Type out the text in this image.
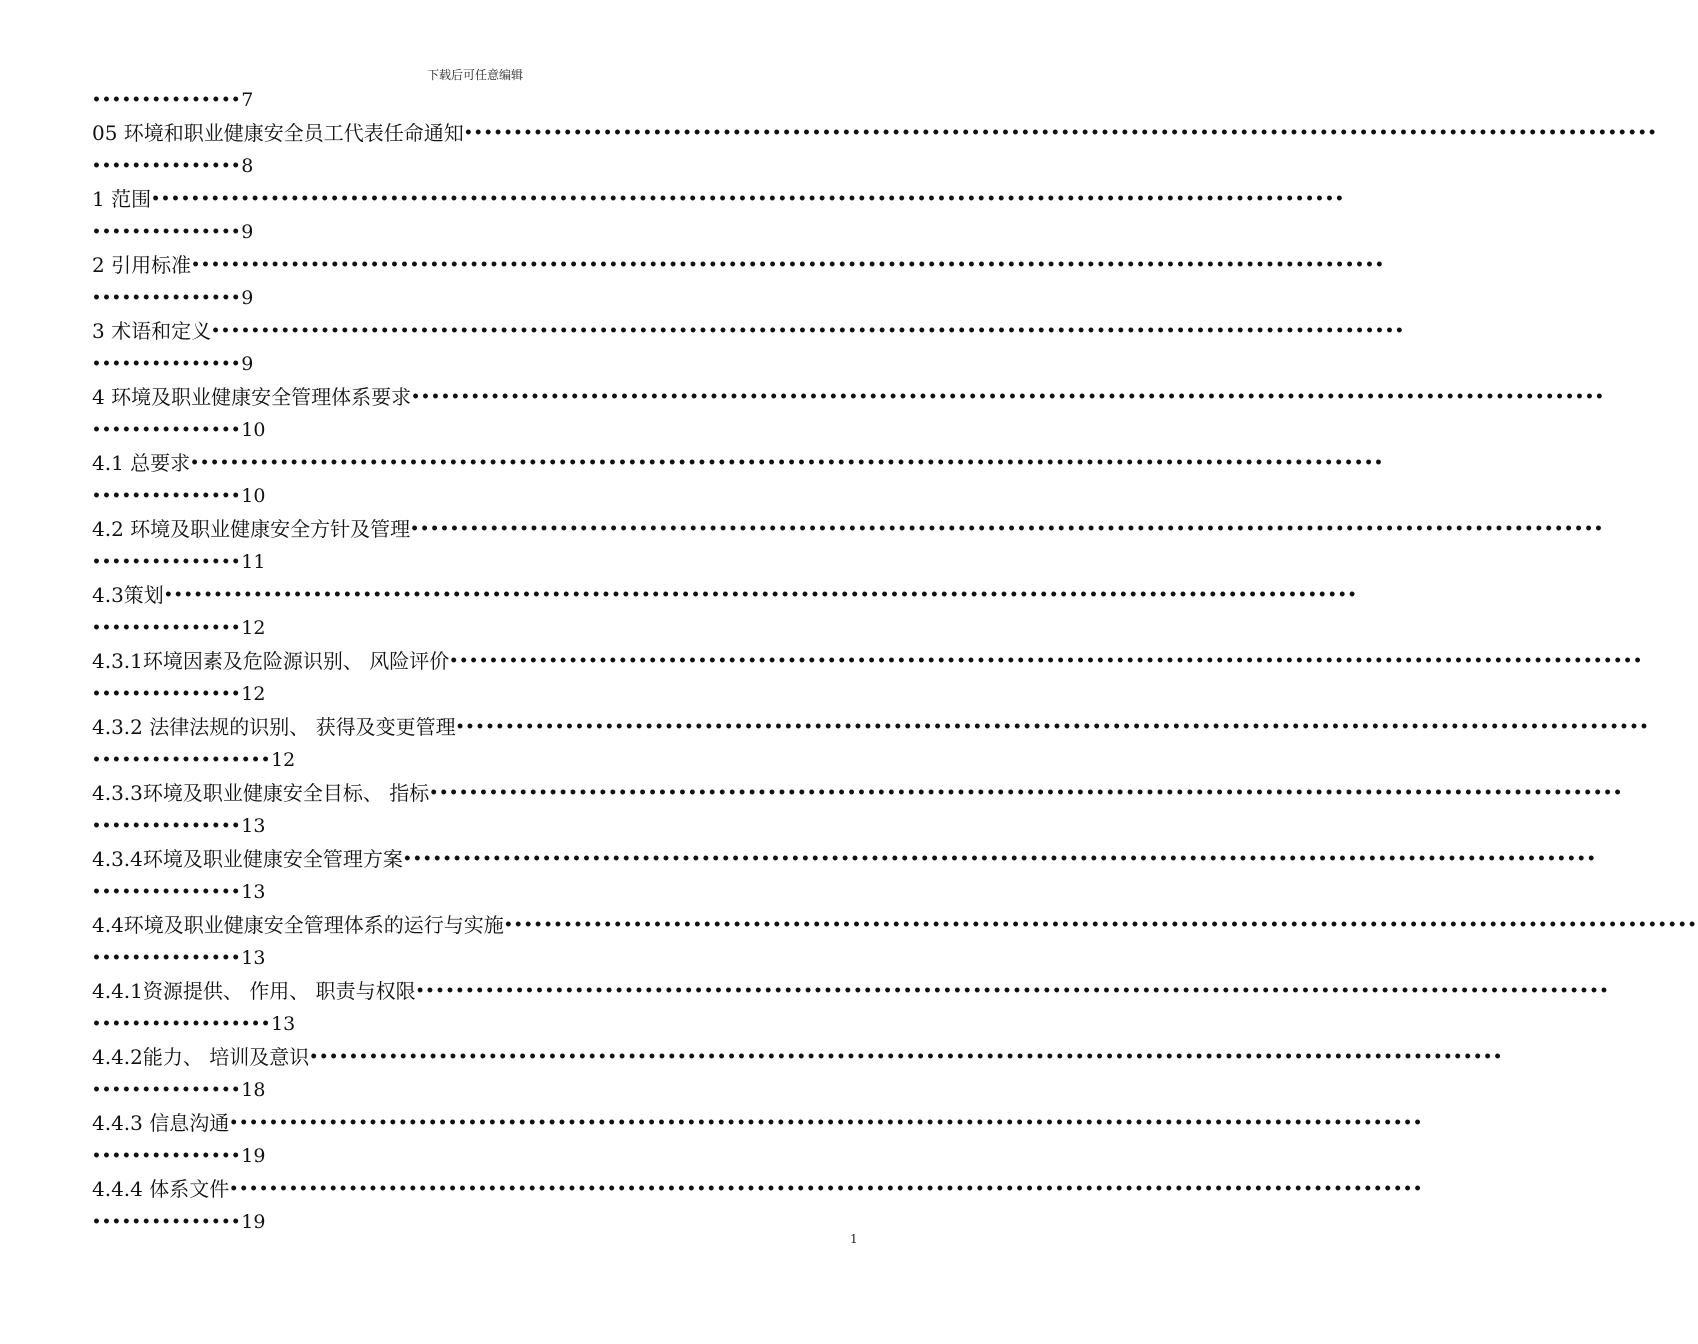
下载后可任意编辑
••••••••••••••• 7
05 环境和职业健康安全员工代表任命通知 ••••••••••••••••••••••••••••••••••••••••••••••••••••••••••••••••••••••••••••••••••••••••••••••••••••••••••••••••••••••••
••••••••••••••• 8
1 范围 ••••••••••••••••••••••••••••••••••••••••••••••••••••••••••••••••••••••••••••••••••••••••••••••••••••••••••••••••••••••••
••••••••••••••• 9
2 引用标准 ••••••••••••••••••••••••••••••••••••••••••••••••••••••••••••••••••••••••••••••••••••••••••••••••••••••••••••••••••••••••
••••••••••••••• 9
3 术语和定义 ••••••••••••••••••••••••••••••••••••••••••••••••••••••••••••••••••••••••••••••••••••••••••••••••••••••••••••••••••••••••
••••••••••••••• 9
4 环境及职业健康安全管理体系要求 ••••••••••••••••••••••••••••••••••••••••••••••••••••••••••••••••••••••••••••••••••••••••••••••••••••••••••••••••••••••••
••••••••••••••• 10
4.1 总要求 ••••••••••••••••••••••••••••••••••••••••••••••••••••••••••••••••••••••••••••••••••••••••••••••••••••••••••••••••••••••••
••••••••••••••• 10
4.2 环境及职业健康安全方针及管理 ••••••••••••••••••••••••••••••••••••••••••••••••••••••••••••••••••••••••••••••••••••••••••••••••••••••••••••••••••••••••
••••••••••••••• 11
4.3策划 ••••••••••••••••••••••••••••••••••••••••••••••••••••••••••••••••••••••••••••••••••••••••••••••••••••••••••••••••••••••••
••••••••••••••• 12
4.3.1环境因素及危险源识别、 风险评价 ••••••••••••••••••••••••••••••••••••••••••••••••••••••••••••••••••••••••••••••••••••••••••••••••••••••••••••••••••••••••
••••••••••••••• 12
4.3.2 法律法规的识别、 获得及变更管理 ••••••••••••••••••••••••••••••••••••••••••••••••••••••••••••••••••••••••••••••••••••••••••••••••••••••••••••••••••••••••
•••••••••••••••••• 12
4.3.3环境及职业健康安全目标、 指标 ••••••••••••••••••••••••••••••••••••••••••••••••••••••••••••••••••••••••••••••••••••••••••••••••••••••••••••••••••••••••
••••••••••••••• 13
4.3.4环境及职业健康安全管理方案 ••••••••••••••••••••••••••••••••••••••••••••••••••••••••••••••••••••••••••••••••••••••••••••••••••••••••••••••••••••••••
••••••••••••••• 13
4.4环境及职业健康安全管理体系的运行与实施 ••••••••••••••••••••••••••••••••••••••••••••••••••••••••••••••••••••••••••••••••••••••••••••••••••••••••••••••••••••••••
••••••••••••••• 13
4.4.1资源提供、 作用、 职责与权限 ••••••••••••••••••••••••••••••••••••••••••••••••••••••••••••••••••••••••••••••••••••••••••••••••••••••••••••••••••••••••
•••••••••••••••••• 13
4.4.2能力、 培训及意识 ••••••••••••••••••••••••••••••••••••••••••••••••••••••••••••••••••••••••••••••••••••••••••••••••••••••••••••••••••••••••
••••••••••••••• 18
4.4.3 信息沟通 ••••••••••••••••••••••••••••••••••••••••••••••••••••••••••••••••••••••••••••••••••••••••••••••••••••••••••••••••••••••••
••••••••••••••• 19
4.4.4 体系文件 ••••••••••••••••••••••••••••••••••••••••••••••••••••••••••••••••••••••••••••••••••••••••••••••••••••••••••••••••••••••••
••••••••••••••• 19
1
